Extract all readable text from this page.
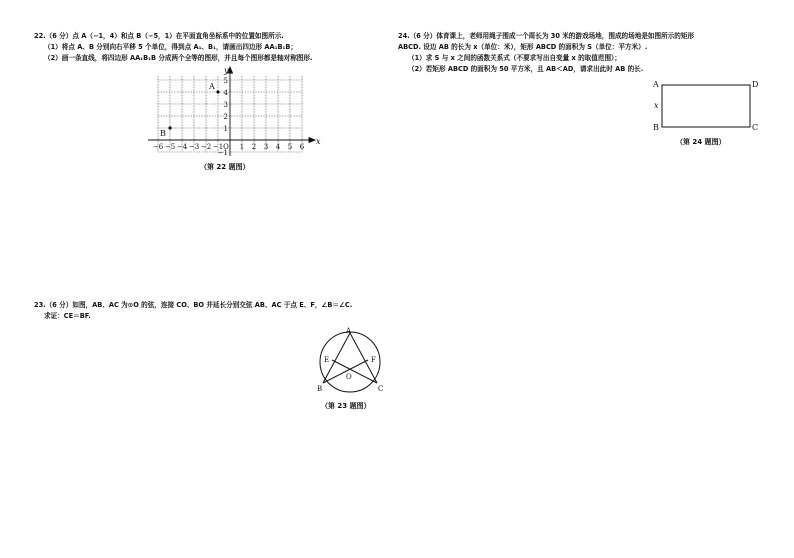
22.（6 分）点 A（−1，4）和点 B（−5，1）在平面直角坐标系中的位置如图所示.
（1）将点 A、B 分别向右平移 5 个单位，得到点 A₁、B₁，请画出四边形 AA₁B₁B；
（2）画一条直线，将四边形 AA₁B₁B 分成两个全等的图形，并且每个图形都是轴对称图形.
A
B
x
y
−6 −5 −4 −3 −2 −1 O 1 2 3 4 5 6
5
4
3
2
1
−1
（第 22 题图）
23.（6 分）如图，AB、AC 为⊙O 的弦，连接 CO、BO 并延长分别交弦 AB、AC 于点 E、F，∠B＝∠C.
求证：CE＝BF.
A
B	C
E	F
O
（第 23 题图）
24.（6 分）体育课上，老师用绳子围成一个周长为 30 米的游戏场地，围成的场地是如图所示的矩形
ABCD. 设边 AB 的长为 x（单位：米），矩形 ABCD 的面积为 S（单位：平方米）.
（1）求 S 与 x 之间的函数关系式（不要求写出自变量 x 的取值范围）；
（2）若矩形 ABCD 的面积为 50 平方米，且 AB＜AD，请求出此时 AB 的长.
A	D
B	C
x
（第 24 题图）
